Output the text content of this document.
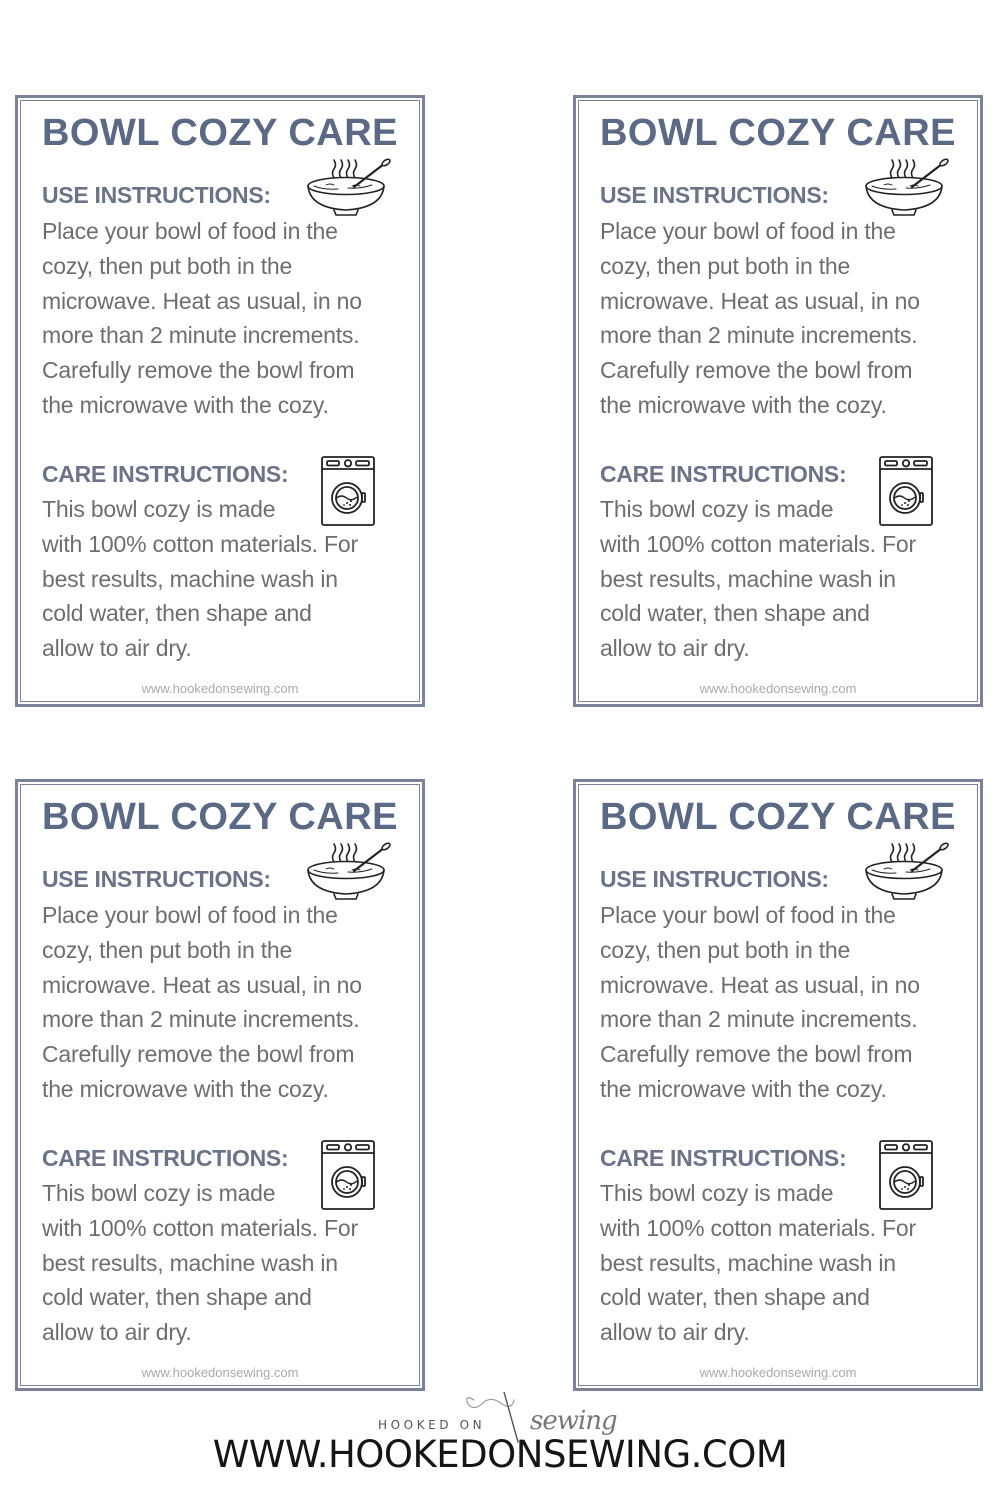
BOWL COZY CARE
USE INSTRUCTIONS:

Place your bowl of food in the
cozy, then put both in the
microwave. Heat as usual, in no
more than 2 minute increments.
Carefully remove the bowl from
the microwave with the cozy.

CARE INSTRUCTIONS:

This bowl cozy is made
with 100% cotton materials. For
best results, machine wash in
cold water, then shape and
allow to air dry.

www.hookedonsewing.com
BOWL COZY CARE
USE INSTRUCTIONS:

Place your bowl of food in the
cozy, then put both in the
microwave. Heat as usual, in no
more than 2 minute increments.
Carefully remove the bowl from
the microwave with the cozy.

CARE INSTRUCTIONS:

This bowl cozy is made
with 100% cotton materials. For
best results, machine wash in
cold water, then shape and
allow to air dry.

www.hookedonsewing.com
BOWL COZY CARE
USE INSTRUCTIONS:

Place your bowl of food in the
cozy, then put both in the
microwave. Heat as usual, in no
more than 2 minute increments.
Carefully remove the bowl from
the microwave with the cozy.

CARE INSTRUCTIONS:

This bowl cozy is made
with 100% cotton materials. For
best results, machine wash in
cold water, then shape and
allow to air dry.

www.hookedonsewing.com
BOWL COZY CARE
USE INSTRUCTIONS:

Place your bowl of food in the
cozy, then put both in the
microwave. Heat as usual, in no
more than 2 minute increments.
Carefully remove the bowl from
the microwave with the cozy.

CARE INSTRUCTIONS:

This bowl cozy is made
with 100% cotton materials. For
best results, machine wash in
cold water, then shape and
allow to air dry.

www.hookedonsewing.com
HOOKED ON sewing
WWW.HOOKEDONSEWING.COM
